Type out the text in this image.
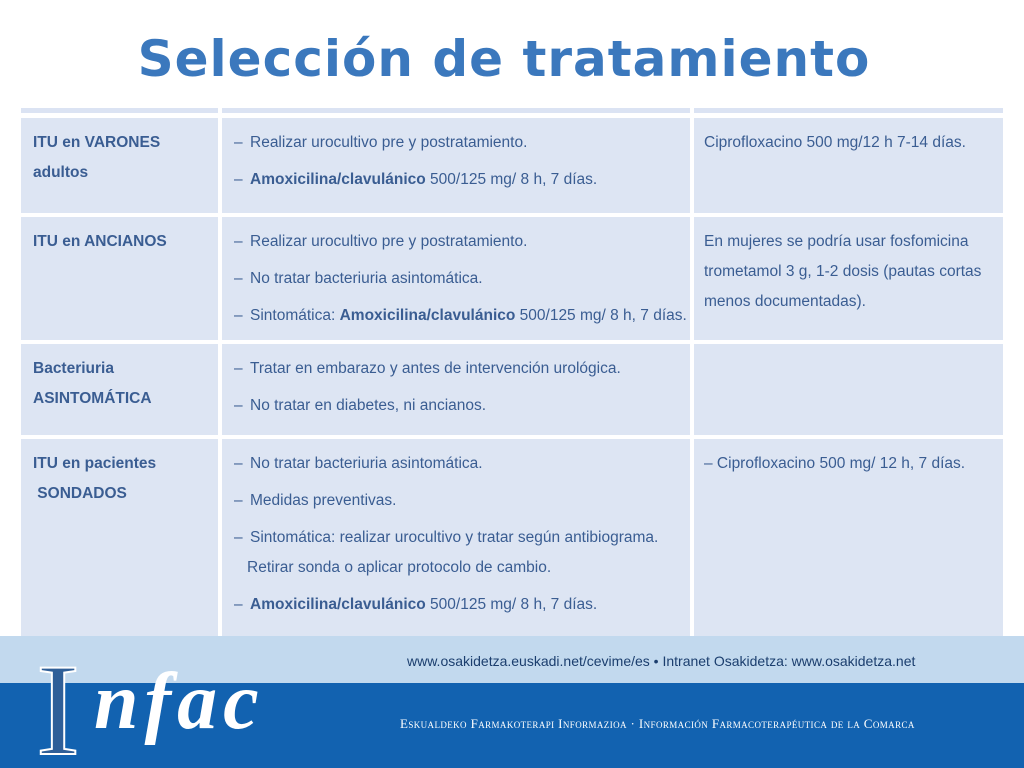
Selección de tratamiento
ITU en VARONES
adultos
– Realizar urocultivo pre y postratamiento.
– Amoxicilina/clavulánico 500/125 mg/ 8 h, 7 días.
Ciprofloxacino 500 mg/12 h 7-14 días.
ITU en ANCIANOS	– Realizar urocultivo pre y postratamiento.
– No tratar bacteriuria asintomática.
– Sintomática: Amoxicilina/clavulánico 500/125 mg/ 8 h, 7 días.
En mujeres se podría usar fosfomicina
trometamol 3 g, 1-2 dosis (pautas cortas
menos documentadas).
Bacteriuria
ASINTOMÁTICA
– Tratar en embarazo y antes de intervención urológica.
– No tratar en diabetes, ni ancianos.
ITU en pacientes
SONDADOS
– No tratar bacteriuria asintomática.
– Medidas preventivas.
– Sintomática: realizar urocultivo y tratar según antibiograma.
Retirar sonda o aplicar protocolo de cambio.
– Amoxicilina/clavulánico 500/125 mg/ 8 h, 7 días.
– Ciprofloxacino 500 mg/ 12 h, 7 días.
www.osakidetza.euskadi.net/cevime/es • Intranet Osakidetza: www.osakidetza.net
Eskualdeko Farmakoterapi Informazioa · Información Farmacoterapéutica de la Comarca
I nfac
